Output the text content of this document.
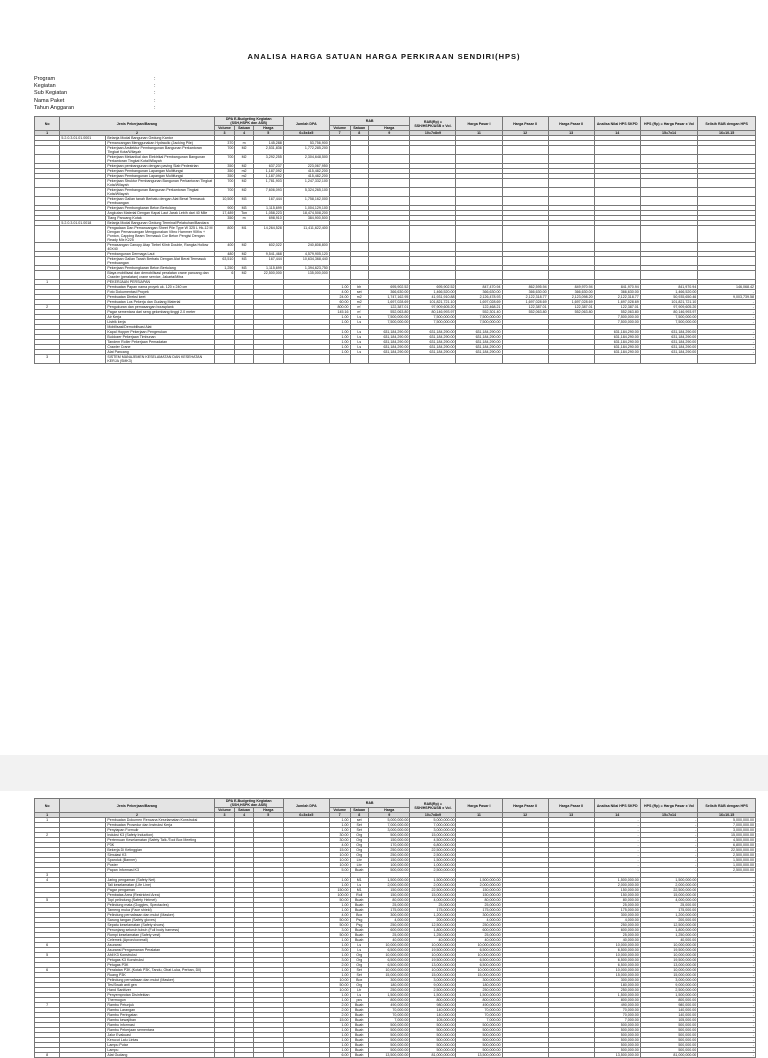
ANALISA HARGA SATUAN HARGA PERKIRAAN SENDIRI(HPS)
Program	:
Kegiatan	:
Sub Kegiatan	:
Nama Paket	:
Tahun Anggaran	:
No	Jenis Pekerjaan/Barang		DPA E-Budgeting Kegiatan (SSH,HSPK dan ASB)			Jumlah DPA	RAB			RAB(Rp) = SSH/HSPK/ASB x Vol.	Harga Pasar I	Harga Pasar II	Harga Pasar II	Analisa Nilai HPS SKPD	HPS (Rp) = Harga Pasar x Vol	Selisih RAB dengan HPS
			Volume	Satuan	Harga		Volume	Satuan	Harga							
1	2		3	4	5	6=3x4x5	7	8	9	10=7x8x9	11	12	13	14	15=7x14	16=10-15
	5.2.0.3.01.01.0001	Belanja Modal Bangunan Gedung Kantor														
		Pemancangan Menggunakan Hydraulic (Jacking Pile)	370	m	145,288	53,756,900										
		Pekerjaan Arsitektur Pembangunan Bangunan Perkantoran Tingkat Kota/Wilayah	700	M2	2,531,836	1,772,285,200										
		Pekerjaan Mekanikal dan Elektrikal Pembangunan Bangunan Perkantoran Tingkat Kota/Wilayah	700	M2	3,292,255	2,304,648,500										
		Pekerjaan pembangunan dengan paving Slab Pedestrian	350	M2	637,237	223,067,950										
		Pekerjaan Pembangunan Lapangan Multifungsi	350	m2	1,187,092	415,482,200										
		Pekerjaan Pembangunan Lapangan Multifungsi	350	m2	1,187,092	415,482,200										
		Pekerjaan Struktur Pembangunan Bangunan Perkantoran Tingkat Kota/Wilayah	700	M2	1,781,903	1,247,332,100										
		Pekerjaan Pembangunan Bangunan Perkantoran Tingkat Kota/Wilayah	700	M2	7,606,093	5,324,265,100										
		Pekerjaan Galian tanah Berbatu dengan Alat Berat Termasuk Pembuangan	10,500	M3	167,444	1,758,162,000										
		Pekerjaan Pembongkaran Beton Bertulang	900	M3	1,115,699	1,004,129,100										
		Angkutan Material Dengan Kapal Laut Jarak Lebih dari 40 Mile	17,489	Ton	1,058,223	18,474,508,200										
		Tiang Pancang Kotak	350	m	698,910	384,900,500										
	5.2.0.3.01.01.0018	Belanja Modal Bangunan Gedung Terminal/Pelabuhan/Bandara														
		Pengadaan Dan Pemancangan Sheet Pile Type W 325 L Hk-12 M Dengan Pemancangan Menggunakan Vibro Hammer 90Kw + Ponton, Capping Beam Termasuk Cor Beton Pengisi Dengan Ready Mix K225	800	M1	14,264,528	11,411,622,400										
		Pemasangan Canopy Atap Tiebel Klinb Double, Rangka Hollow 40X40	400	M2	602,022	240,808,800										
		Pembangunan Dermaga Laut	480	M2	9,541,468	4,579,905,120										
		Pekerjaan Galian Tanah Berbatu Dengan Alat Berat Termasuk Pembuangan	63,510	M3	167,444	10,634,368,440										
		Pekerjaan Pembongkaran Beton Bertulang	1,250	M3	1,115,699	1,394,623,750										
		Biaya mobilisasi dan demobilisasi peralatan crane pancang dan Crawler (peralatan) crane service, Jakarta/Mitra	6	M2	22,500,000	135,000,000										
1		PEKERJAAN PERSIAPAN														
		Pembuatan Papan nama proyek uk. 120 x 240 cm					1.00	bh	695,902.52	695,902.52	847,470.94	862,595.94	849,970.94	841,970.94	841,970.94	146,068.42
		Foto Dokumentasi Proyek					4.00	set	366,630.00	1,466,520.00	366,630.00	366,630.00	366,630.00	366,630.00	1,466,520.00	-
		Pembuatan Direksi keet					24.00	m2	1,747,162.95	41,931,910.88	2,126,478.93	2,122,318.77	2,123,098.20	2,122,318.77	50,935,650.46	9,003,739.58
		Pembuatan Los Pekerja dan Gudang Material					60.00	m2	1,697,028.69	101,821,721.10	1,697,028.69	1,697,028.69	1,697,028.69	1,697,028.69	101,821,721.10	-
2		Pengukuran dan pemasangan bouwplank					800.00	m'	122,387.01	97,909,605.20	122,468.21	122,387.01	122,387.01	122,387.01	97,909,605.20	-
		Pagar sementara dari seng gelombang tinggi 2.0 meter					145.16	m'	552,063.80	80,146,993.97	552,301.40	552,063.80	552,063.80	552,063.80	80,146,993.97	-
		Air Kerja					1.00	Ls	7,500,000.00	7,500,000.00	7,500,000.00			7,500,000.00	7,500,000.00	-
		Listrik kerja					1.00	Ls	7,500,000.00	7,500,000.00	7,500,000.00			7,500,000.00	7,500,000.00	-
		Mobilisasi/Demobilisasi Alat														
		Kapal Hopper Pekerjaan Pengerukan					1.00	Ls	631,184,290.00	631,184,290.00	631,184,290.00			631,184,290.00	631,184,290.00	-
		Buldozer Pekerjaan Timbunan					1.00	Ls	631,184,290.00	631,184,290.00	631,184,290.00			631,184,290.00	631,184,290.00	-
		Tandem Roller Pekerjaan Pemadatan					1.00	Ls	631,184,290.00	631,184,290.00	631,184,290.00			631,184,290.00	631,184,290.00	-
		Crawler Crane					1.00	Ls	631,184,290.00	631,184,290.00	631,184,290.00			631,184,290.00	631,184,290.00	-
		Alat Pancang					1.00	Ls	631,184,290.00	631,184,290.00	631,184,290.00			631,184,290.00	631,184,290.00	-
3		SISTEM MANAJEMEN KESELAMATAN DAN KESEHATAN KERJA (SMK3)														
No	Jenis Pekerjaan/Barang		DPA E-Budgeting Kegiatan (SSH,HSPK dan ASB)			Jumlah DPA	RAB			RAB(Rp) = SSH/HSPK/ASB x Vol.	Harga Pasar I	Harga Pasar II	Harga Pasar II	Analisa Nilai HPS SKPD	HPS (Rp) = Harga Pasar x Vol	Selisih RAB dengan HPS
			Volume	Satuan	Harga		Volume	Satuan	Harga							
1	2		3	4	5	6=3x4x5	7	8	9	10=7x8x9	11	12	13	14	15=7x14	16=10-15
1		Pembuatan Dokumen Rencana Keselamatan Konstruksi					1.00	set	5,000,000.00	5,000,000.00				-	-	5,000,000.00
		Pembuatan Prosedur dan Instruksi Kerja					1.00	Set	7,000,000.00	7,000,000.00				-	-	7,000,000.00
		Penyiapan Formulir					1.00	Set	3,000,000.00	3,000,000.00				-	-	3,000,000.00
2		Induksi K3 (Safety Induction)					30.00	Org	500,000.00	15,000,000.00				-	-	15,000,000.00
		Pertemuan Keselamatan (Safety Talk /Tool Box Meeting					30.00	Org	150,000.00	4,500,000.00				-	-	4,500,000.00
		P3K					4.00	Org	170,000.00	6,800,000.00				-	-	6,800,000.00
		Bekerja Di Ketinggian					15.00	Org	250,000.00	22,500,000.00				-	-	22,500,000.00
		Simulasi K3					10.00	Org	250,000.00	2,500,000.00				-	-	2,500,000.00
		Spanduk (Banner)					10.00	Lbr	150,000.00	1,500,000.00				-	-	1,500,000.00
		Poster					10.00	Lbr	100,000.00	1,000,000.00				-	-	1,000,000.00
		Papan Informasi K3					5.00	Buah	500,000.00	2,500,000.00				-	-	2,500,000.00
3																
4		Jaring pengaman (Safety Net)					1.00	M1	1,500,000.00	1,500,000.00	1,500,000.00			1,500,000.00	1,500,000.00	-
		Tali keselamatan (Life Line)					1.00	Ls	2,000,000.00	2,000,000.00	2,000,000.00			2,000,000.00	2,000,000.00	-
		Pagar pengaman					150.00	M1	150,000.00	22,500,000.00	150,000.00			150,000.00	22,500,000.00	-
		Pembatas Area (Restricted Area)					100.00	Roll	150,000.00	15,000,000.00	150,000.00			150,000.00	15,000,000.00	-
5		Topi pelindung (Safety Helmet)					50.00	Buah	80,000.00	4,000,000.00	80,000.00			80,000.00	4,000,000.00	-
		Pelindung mata (Goggles, Spectacles)					1.00	Buah	25,000.00	25,000.00	25,000.00			25,000.00	25,000.00	-
		Tameng muka (Face shield)					1.00	Buah	175,000.00	175,000.00	175,000.00			175,000.00	175,000.00	-
		Pelindung pernafasan dan mulut (Masker)					4.00	Box	300,000.00	1,200,000.00	300,000.00			300,000.00	1,200,000.00	-
		Sarung tangan (Safety gloves)					50.00	Psg	4,000.00	200,000.00	4,000.00			4,000.00	200,000.00	-
		Sepatu keselamatan (Safety shoes)					50.00	Psg	250,000.00	12,500,000.00	250,000.00			250,000.00	12,500,000.00	-
		Penunjang seluruh tubuh (Full body harness)					3.00	Buah	600,000.00	1,800,000.00	600,000.00			600,000.00	1,800,000.00	-
		Rompi keselamatan (Safety vest)					50.00	Buah	25,000.00	1,250,000.00	25,000.00			25,000.00	1,250,000.00	-
		Celemek (Apron/coverall)					1.00	Buah	40,000.00	40,000.00	40,000.00			40,000.00	40,000.00	-
6		Asuransi					1.00	Ls	10,000,000.00	10,000,000.00	10,000,000.00			10,000,000.00	10,000,000.00	-
		Asuransi Pengamanan Peralatan					3.00	Ls	6,500,000.00	19,500,000.00	6,500,000.00			6,500,000.00	19,500,000.00	-
5		Ahli K3 Konstruksi					1.00	Org	10,000,000.00	10,000,000.00	10,000,000.00			10,000,000.00	10,000,000.00	-
		Petugas K3 Konstruksi					3.00	Org	6,500,000.00	19,500,000.00	6,500,000.00			6,500,000.00	19,500,000.00	-
		Petugas P3K					2.00	Org	6,500,000.00	13,000,000.00	6,500,000.00			6,500,000.00	13,000,000.00	-
6		Peralatan P3K (Kotak P3K, Tandu, Obat Luka, Perban, Dll)					1.00	Set	10,000,000.00	10,000,000.00	10,000,000.00			10,000,000.00	10,000,000.00	-
		Ruang P3K					1.00	Set	15,000,000.00	15,000,000.00	15,000,000.00			15,000,000.00	15,000,000.00	-
		Pelindung pernafasan dan mulut (Masker)					10.00	Box	300,000.00	3,000,000.00	300,000.00			300,000.00	3,000,000.00	-
		Tes\Swab anti gen					50.00	Org	180,000.00	9,000,000.00	180,000.00			180,000.00	9,000,000.00	-
		Hand Sanitizer					10.00	Ltr	250,000.00	2,500,000.00	250,000.00			250,000.00	2,500,000.00	-
		Penyemprotan Disinfektan					1.00	Ls	1,500,000.00	1,500,000.00	1,500,000.00			1,500,000.00	1,500,000.00	-
		Thermogun					1.00	pcs	800,000.00	800,000.00	800,000.00			800,000.00	800,000.00	-
7		Rambu Petunjuk					2.00	Buah	490,000.00	980,000.00	490,000.00			490,000.00	980,000.00	-
		Rambu Larangan					2.00	Buah	70,000.00	140,000.00	70,000.00			70,000.00	140,000.00	-
		Rambu Peringatan					2.00	Buah	70,000.00	140,000.00	70,000.00			70,000.00	140,000.00	-
		Rambu kewajiban					15.00	Buah	7,000.00	105,000.00	7,000.00			7,000.00	105,000.00	-
		Rambu informasi					1.00	Buah	500,000.00	500,000.00	500,000.00			500,000.00	500,000.00	-
		Rambu Pekerjaan sementara					1.00	Buah	500,000.00	500,000.00	500,000.00			500,000.00	500,000.00	-
		Jalur Evakuasi					1.00	Buah	500,000.00	500,000.00	500,000.00			500,000.00	500,000.00	-
		Kerucut Lalu Lintas					1.00	Buah	500,000.00	500,000.00	500,000.00			500,000.00	500,000.00	-
		Lampu Putar					1.00	Buah	500,000.00	500,000.00	500,000.00			500,000.00	500,000.00	-
		Lampu					1.00	Buah	500,000.00	500,000.00	500,000.00			500,000.00	500,000.00	-
8		Alat Gudang					6.00	Buah	13,500,000.00	81,000,000.00	13,500,000.00			13,500,000.00	81,000,000.00	-
